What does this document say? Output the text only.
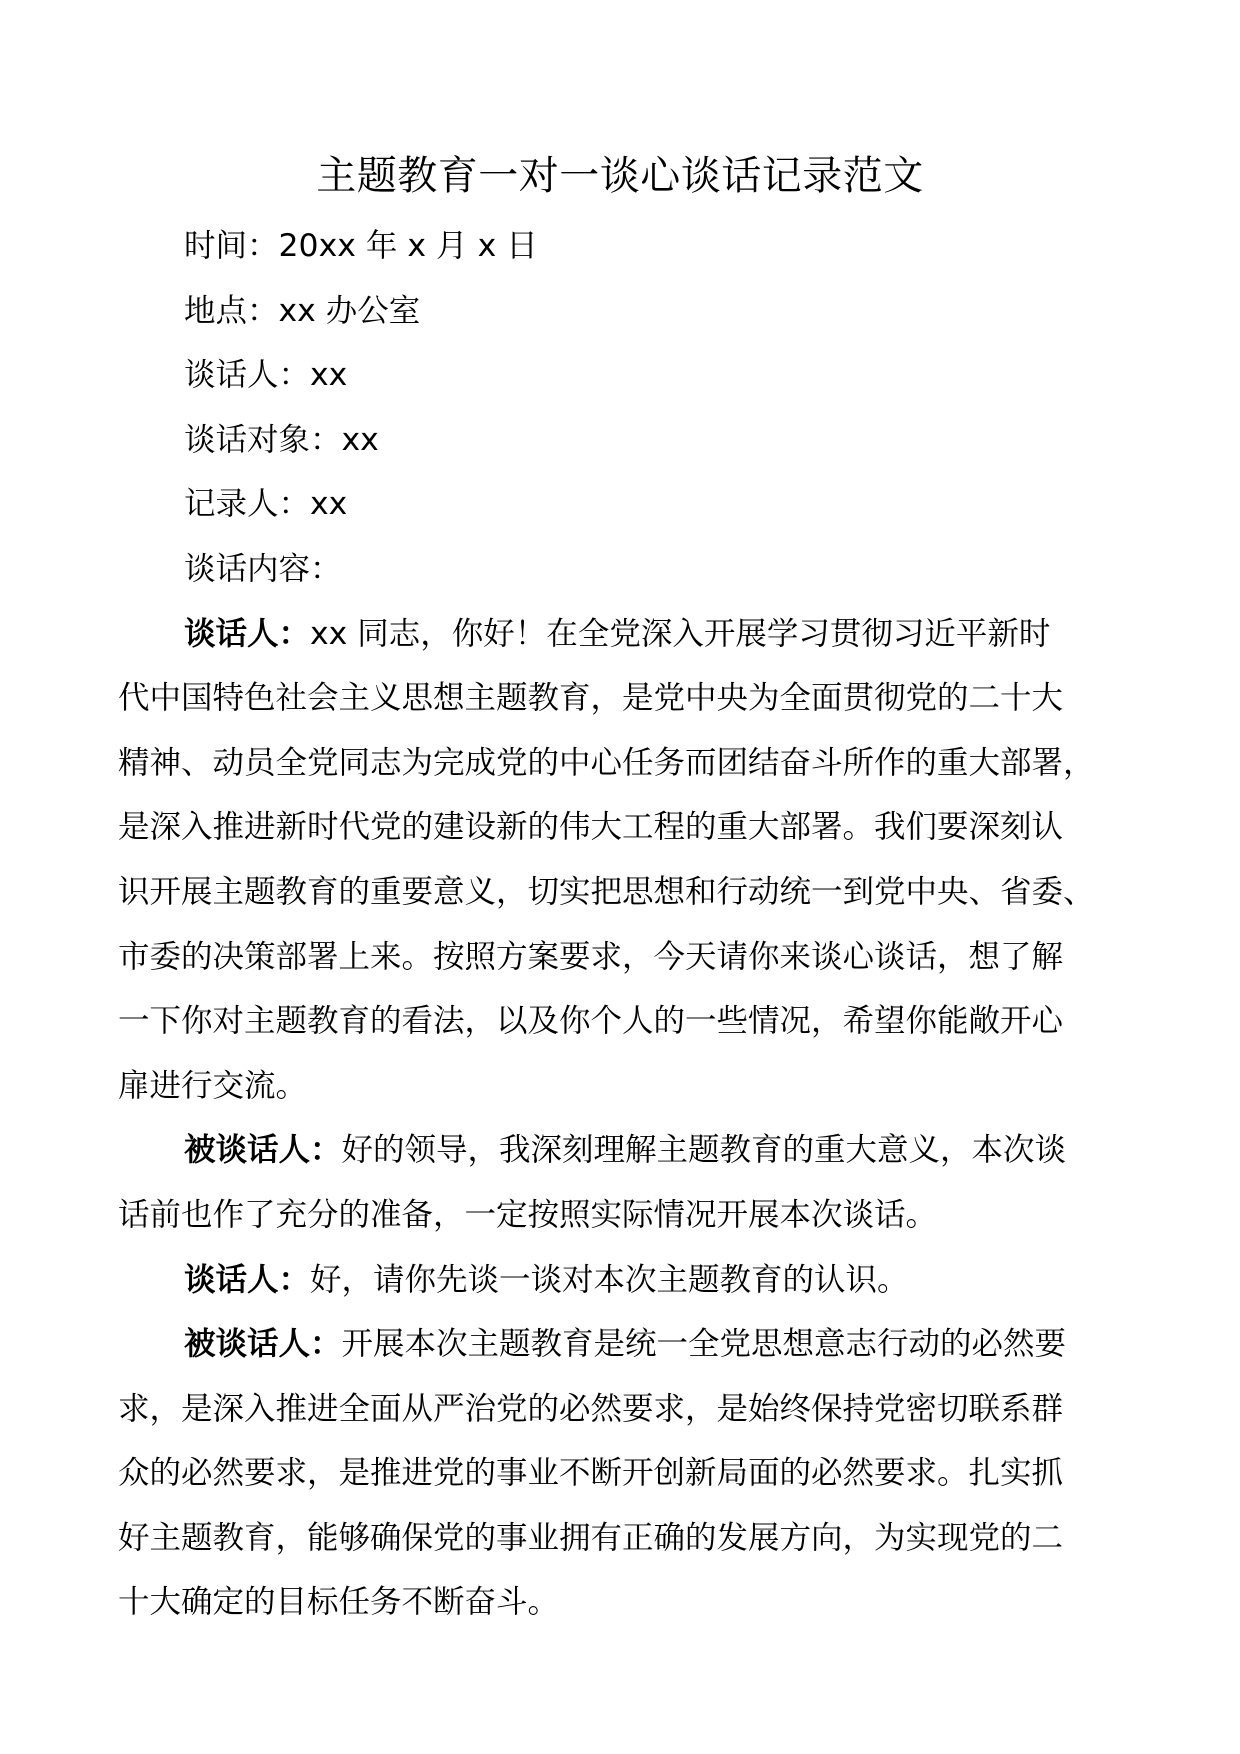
主题教育一对一谈心谈话记录范文
时间：20xx 年 x 月 x 日
地点：xx 办公室
谈话人：xx
谈话对象：xx
记录人：xx
谈话内容：
谈话人：xx 同志，你好！在全党深入开展学习贯彻习近平新时
代中国特色社会主义思想主题教育，是党中央为全面贯彻党的二十大
精神、动员全党同志为完成党的中心任务而团结奋斗所作的重大部署，
是深入推进新时代党的建设新的伟大工程的重大部署。我们要深刻认
识开展主题教育的重要意义，切实把思想和行动统一到党中央、省委、
市委的决策部署上来。按照方案要求，今天请你来谈心谈话，想了解
一下你对主题教育的看法，以及你个人的一些情况，希望你能敞开心
扉进行交流。
被谈话人：好的领导，我深刻理解主题教育的重大意义，本次谈
话前也作了充分的准备，一定按照实际情况开展本次谈话。
谈话人：好，请你先谈一谈对本次主题教育的认识。
被谈话人：开展本次主题教育是统一全党思想意志行动的必然要
求，是深入推进全面从严治党的必然要求，是始终保持党密切联系群
众的必然要求，是推进党的事业不断开创新局面的必然要求。扎实抓
好主题教育，能够确保党的事业拥有正确的发展方向，为实现党的二
十大确定的目标任务不断奋斗。
